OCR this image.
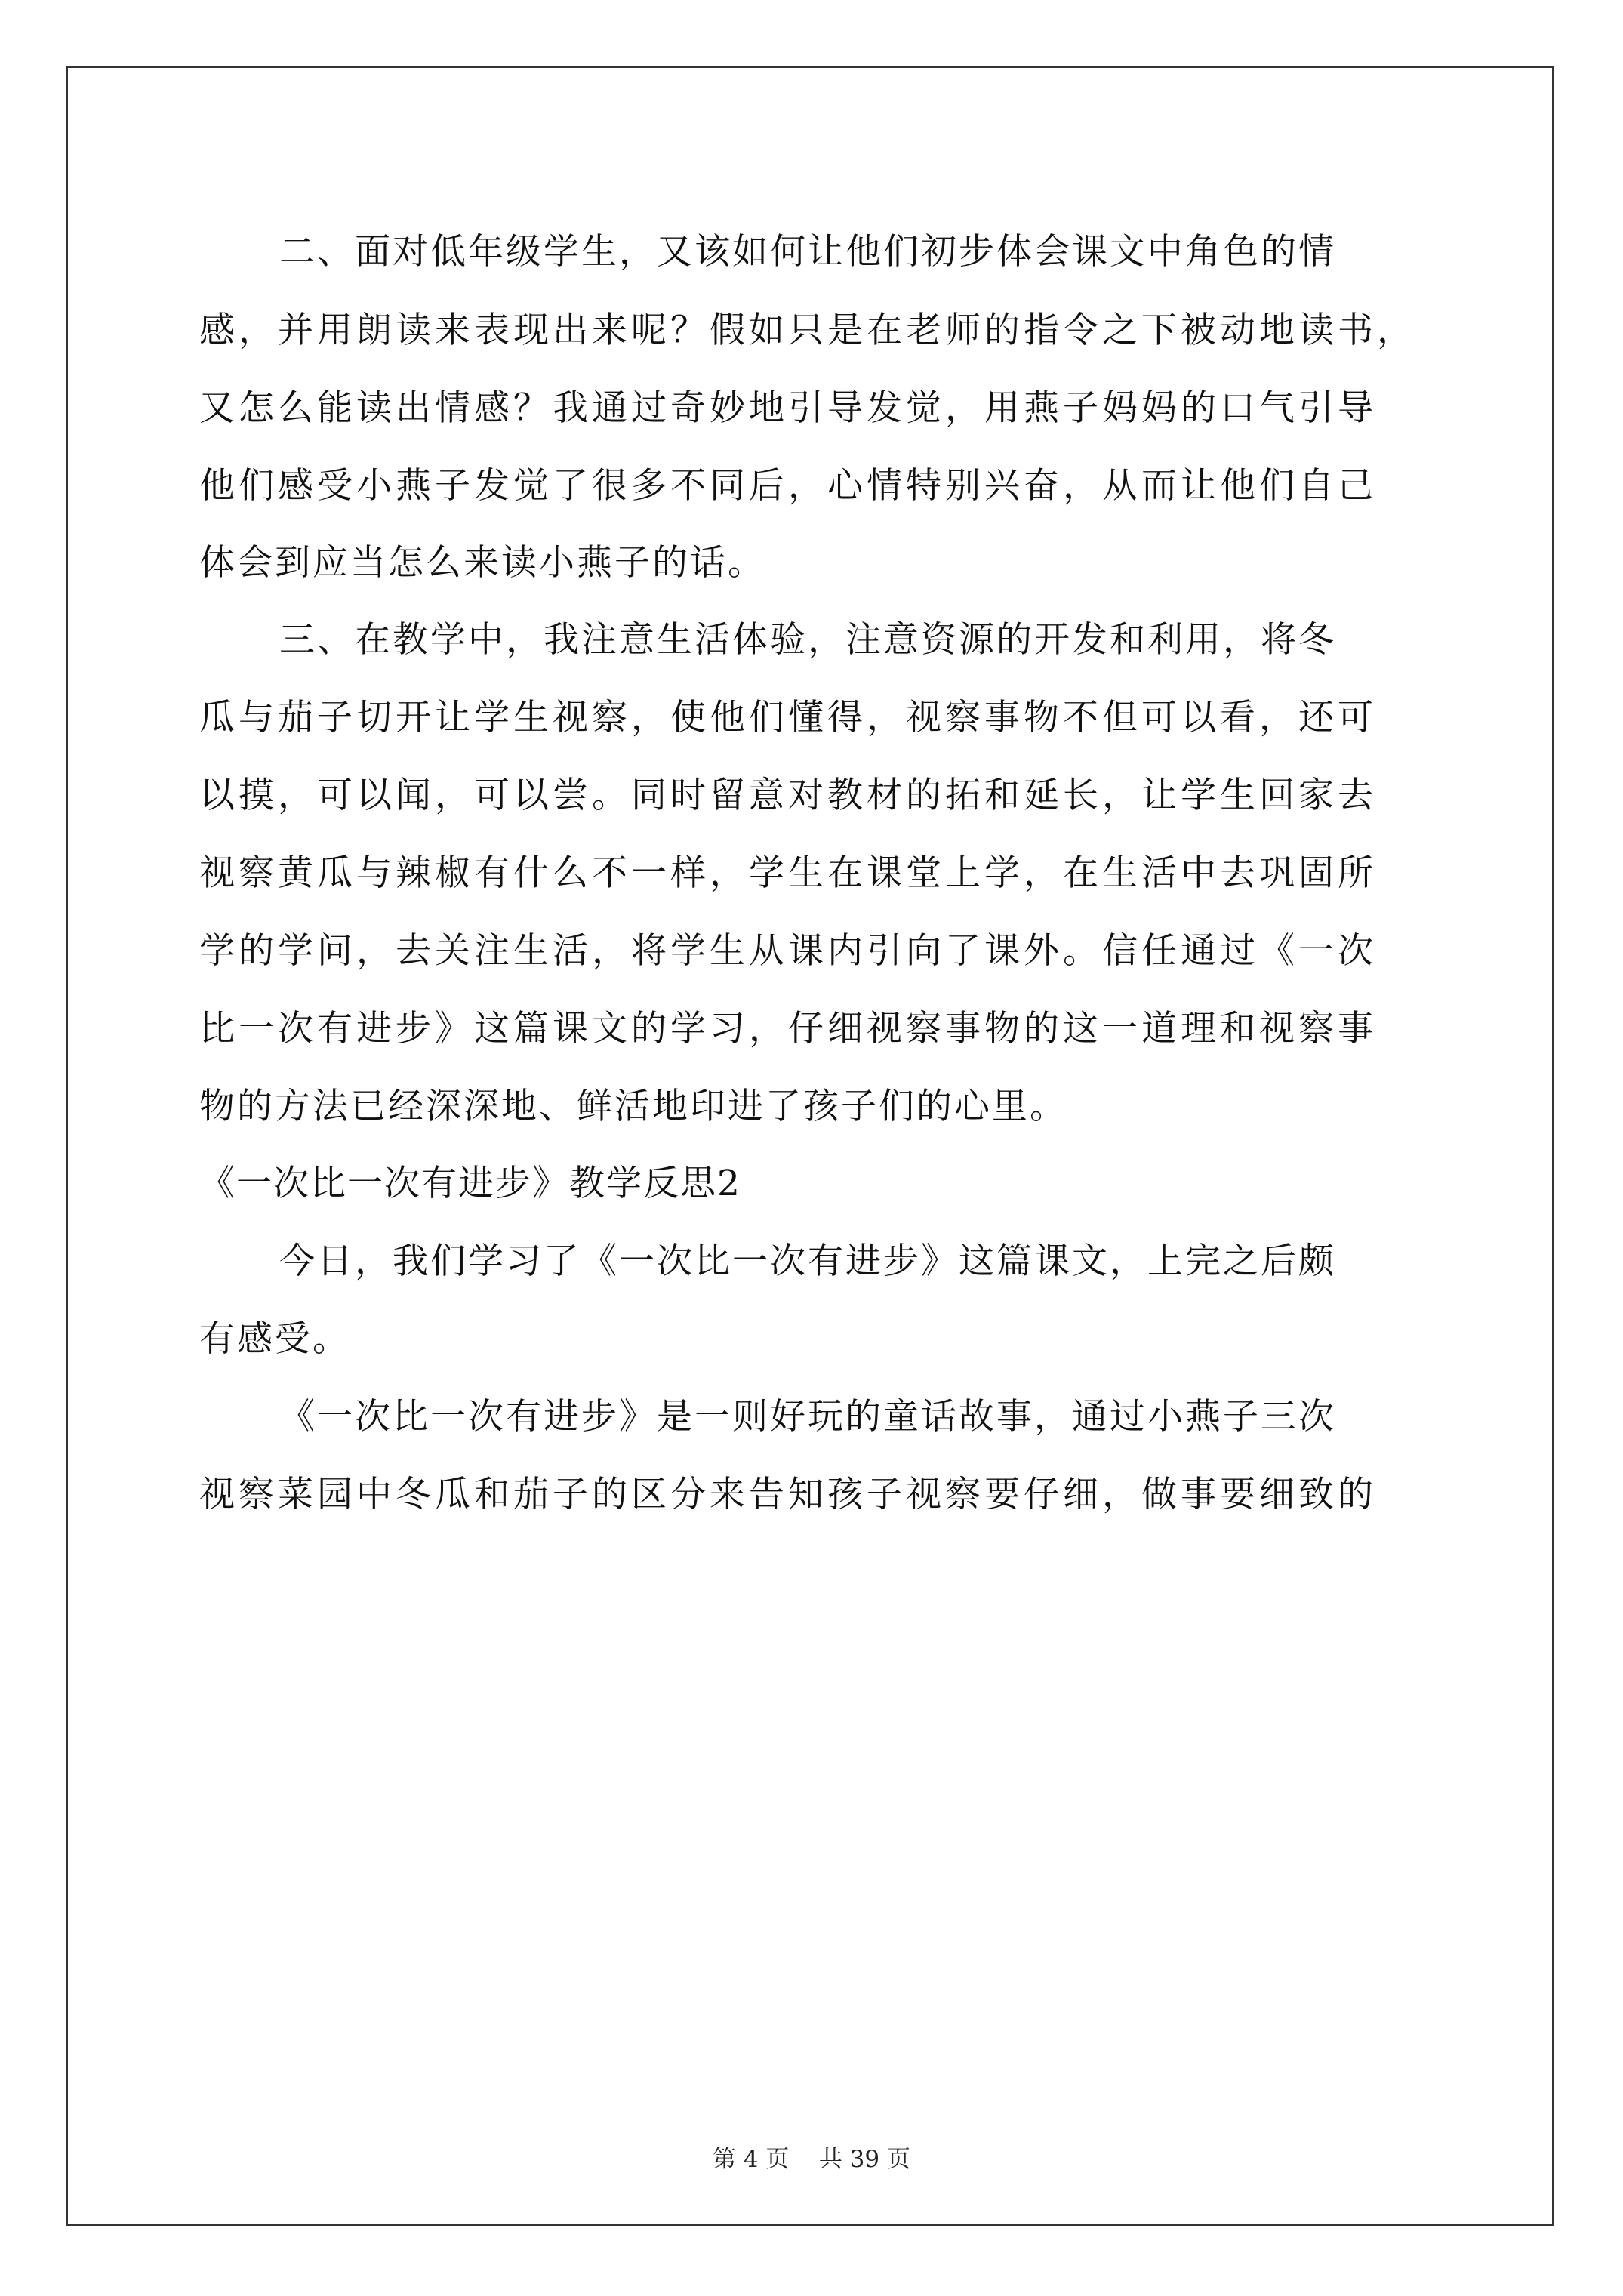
二、面对低年级学生，又该如何让他们初步体会课文中角色的情
感，并用朗读来表现出来呢？假如只是在老师的指令之下被动地读书，
又怎么能读出情感？我通过奇妙地引导发觉，用燕子妈妈的口气引导
他们感受小燕子发觉了很多不同后，心情特别兴奋，从而让他们自己
体会到应当怎么来读小燕子的话。
三、在教学中，我注意生活体验，注意资源的开发和利用，将冬
瓜与茄子切开让学生视察，使他们懂得，视察事物不但可以看，还可
以摸，可以闻，可以尝。同时留意对教材的拓和延长，让学生回家去
视察黄瓜与辣椒有什么不一样，学生在课堂上学，在生活中去巩固所
学的学问，去关注生活，将学生从课内引向了课外。信任通过《一次
比一次有进步》这篇课文的学习，仔细视察事物的这一道理和视察事
物的方法已经深深地、鲜活地印进了孩子们的心里。
《一次比一次有进步》教学反思2
今日，我们学习了《一次比一次有进步》这篇课文，上完之后颇
有感受。
《一次比一次有进步》是一则好玩的童话故事，通过小燕子三次
视察菜园中冬瓜和茄子的区分来告知孩子视察要仔细，做事要细致的
第 4 页    共 39 页
